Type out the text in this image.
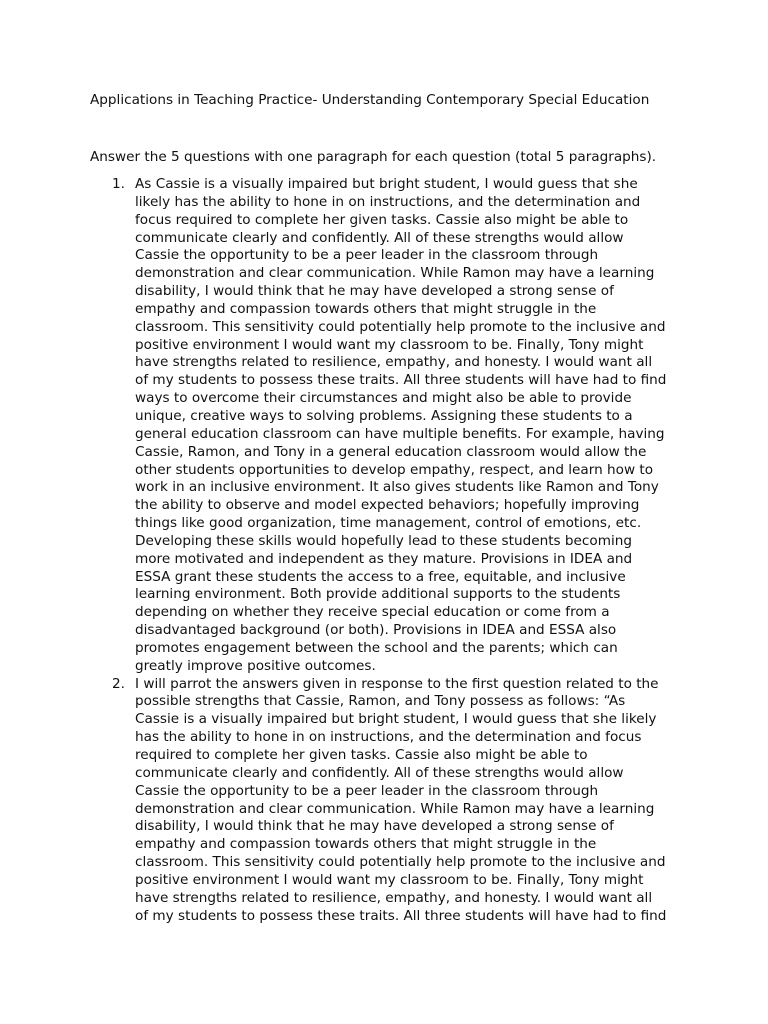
Applications in Teaching Practice- Understanding Contemporary Special Education

Answer the 5 questions with one paragraph for each question (total 5 paragraphs).

1. As Cassie is a visually impaired but bright student, I would guess that she
likely has the ability to hone in on instructions, and the determination and
focus required to complete her given tasks. Cassie also might be able to
communicate clearly and confidently. All of these strengths would allow
Cassie the opportunity to be a peer leader in the classroom through
demonstration and clear communication. While Ramon may have a learning
disability, I would think that he may have developed a strong sense of
empathy and compassion towards others that might struggle in the
classroom. This sensitivity could potentially help promote to the inclusive and
positive environment I would want my classroom to be. Finally, Tony might
have strengths related to resilience, empathy, and honesty. I would want all
of my students to possess these traits. All three students will have had to find
ways to overcome their circumstances and might also be able to provide
unique, creative ways to solving problems. Assigning these students to a
general education classroom can have multiple benefits. For example, having
Cassie, Ramon, and Tony in a general education classroom would allow the
other students opportunities to develop empathy, respect, and learn how to
work in an inclusive environment. It also gives students like Ramon and Tony
the ability to observe and model expected behaviors; hopefully improving
things like good organization, time management, control of emotions, etc.
Developing these skills would hopefully lead to these students becoming
more motivated and independent as they mature. Provisions in IDEA and
ESSA grant these students the access to a free, equitable, and inclusive
learning environment. Both provide additional supports to the students
depending on whether they receive special education or come from a
disadvantaged background (or both). Provisions in IDEA and ESSA also
promotes engagement between the school and the parents; which can
greatly improve positive outcomes.
2. I will parrot the answers given in response to the first question related to the
possible strengths that Cassie, Ramon, and Tony possess as follows: “As
Cassie is a visually impaired but bright student, I would guess that she likely
has the ability to hone in on instructions, and the determination and focus
required to complete her given tasks. Cassie also might be able to
communicate clearly and confidently. All of these strengths would allow
Cassie the opportunity to be a peer leader in the classroom through
demonstration and clear communication. While Ramon may have a learning
disability, I would think that he may have developed a strong sense of
empathy and compassion towards others that might struggle in the
classroom. This sensitivity could potentially help promote to the inclusive and
positive environment I would want my classroom to be. Finally, Tony might
have strengths related to resilience, empathy, and honesty. I would want all
of my students to possess these traits. All three students will have had to find
